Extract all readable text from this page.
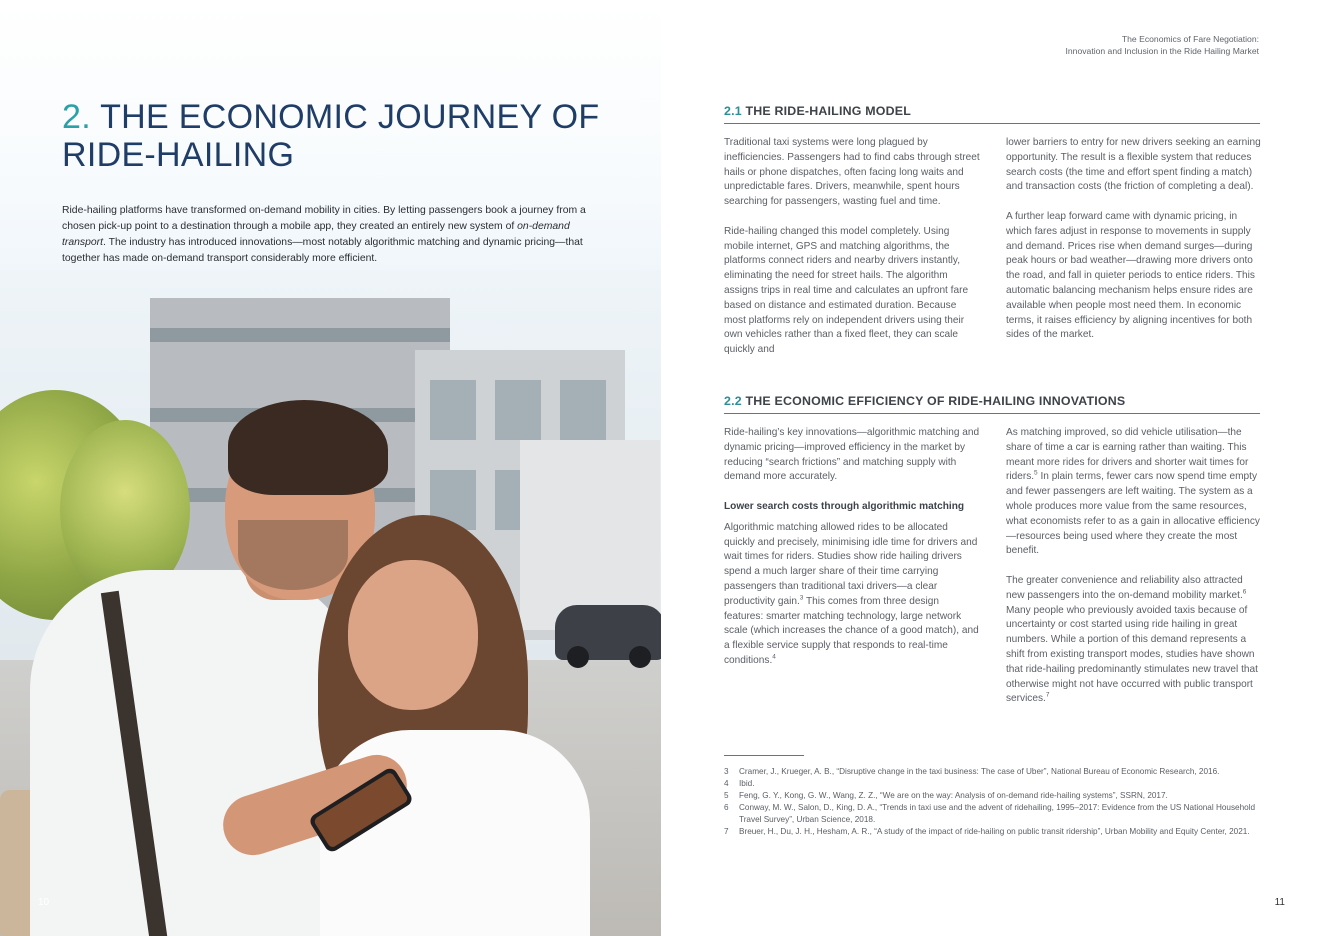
2. THE ECONOMIC JOURNEY OF RIDE-HAILING

Ride-hailing platforms have transformed on-demand mobility in cities. By letting passengers book a journey from a chosen pick-up point to a destination through a mobile app, they created an entirely new system of on-demand transport. The industry has introduced innovations—most notably algorithmic matching and dynamic pricing—that together has made on-demand transport considerably more efficient.

10
The Economics of Fare Negotiation:
Innovation and Inclusion in the Ride Hailing Market
2.1 THE RIDE-HAILING MODEL

Traditional taxi systems were long plagued by inefficiencies. Passengers had to find cabs through street hails or phone dispatches, often facing long waits and unpredictable fares. Drivers, meanwhile, spent hours searching for passengers, wasting fuel and time.

Ride-hailing changed this model completely. Using mobile internet, GPS and matching algorithms, the platforms connect riders and nearby drivers instantly, eliminating the need for street hails. The algorithm assigns trips in real time and calculates an upfront fare based on distance and estimated duration. Because most platforms rely on independent drivers using their own vehicles rather than a fixed fleet, they can scale quickly and

lower barriers to entry for new drivers seeking an earning opportunity. The result is a flexible system that reduces search costs (the time and effort spent finding a match) and transaction costs (the friction of completing a deal).

A further leap forward came with dynamic pricing, in which fares adjust in response to movements in supply and demand. Prices rise when demand surges—during peak hours or bad weather—drawing more drivers onto the road, and fall in quieter periods to entice riders. This automatic balancing mechanism helps ensure rides are available when people most need them. In economic terms, it raises efficiency by aligning incentives for both sides of the market.

2.2 THE ECONOMIC EFFICIENCY OF RIDE-HAILING INNOVATIONS

Ride-hailing’s key innovations—algorithmic matching and dynamic pricing—improved efficiency in the market by reducing “search frictions” and matching supply with demand more accurately.

Lower search costs through algorithmic matching

Algorithmic matching allowed rides to be allocated quickly and precisely, minimising idle time for drivers and wait times for riders. Studies show ride hailing drivers spend a much larger share of their time carrying passengers than traditional taxi drivers—a clear productivity gain.$^3$ This comes from three design features: smarter matching technology, large network scale (which increases the chance of a good match), and a flexible service supply that responds to real-time conditions.$^4$

As matching improved, so did vehicle utilisation—the share of time a car is earning rather than waiting. This meant more rides for drivers and shorter wait times for riders.$^5$ In plain terms, fewer cars now spend time empty and fewer passengers are left waiting. The system as a whole produces more value from the same resources, what economists refer to as a gain in allocative efficiency—resources being used where they create the most benefit.

The greater convenience and reliability also attracted new passengers into the on-demand mobility market.$^6$ Many people who previously avoided taxis because of uncertainty or cost started using ride hailing in great numbers. While a portion of this demand represents a shift from existing transport modes, studies have shown that ride-hailing predominantly stimulates new travel that otherwise might not have occurred with public transport services.$^7$

3	Cramer, J., Krueger, A. B., “Disruptive change in the taxi business: The case of Uber”, National Bureau of Economic Research, 2016.
4	Ibid.
5	Feng, G. Y., Kong, G. W., Wang, Z. Z., “We are on the way: Analysis of on-demand ride-hailing systems”, SSRN, 2017.
6	Conway, M. W., Salon, D., King, D. A., “Trends in taxi use and the advent of ridehailing, 1995–2017: Evidence from the US National Household Travel Survey”, Urban Science, 2018.
7	Breuer, H., Du, J. H., Hesham, A. R., “A study of the impact of ride-hailing on public transit ridership”, Urban Mobility and Equity Center, 2021.
11
